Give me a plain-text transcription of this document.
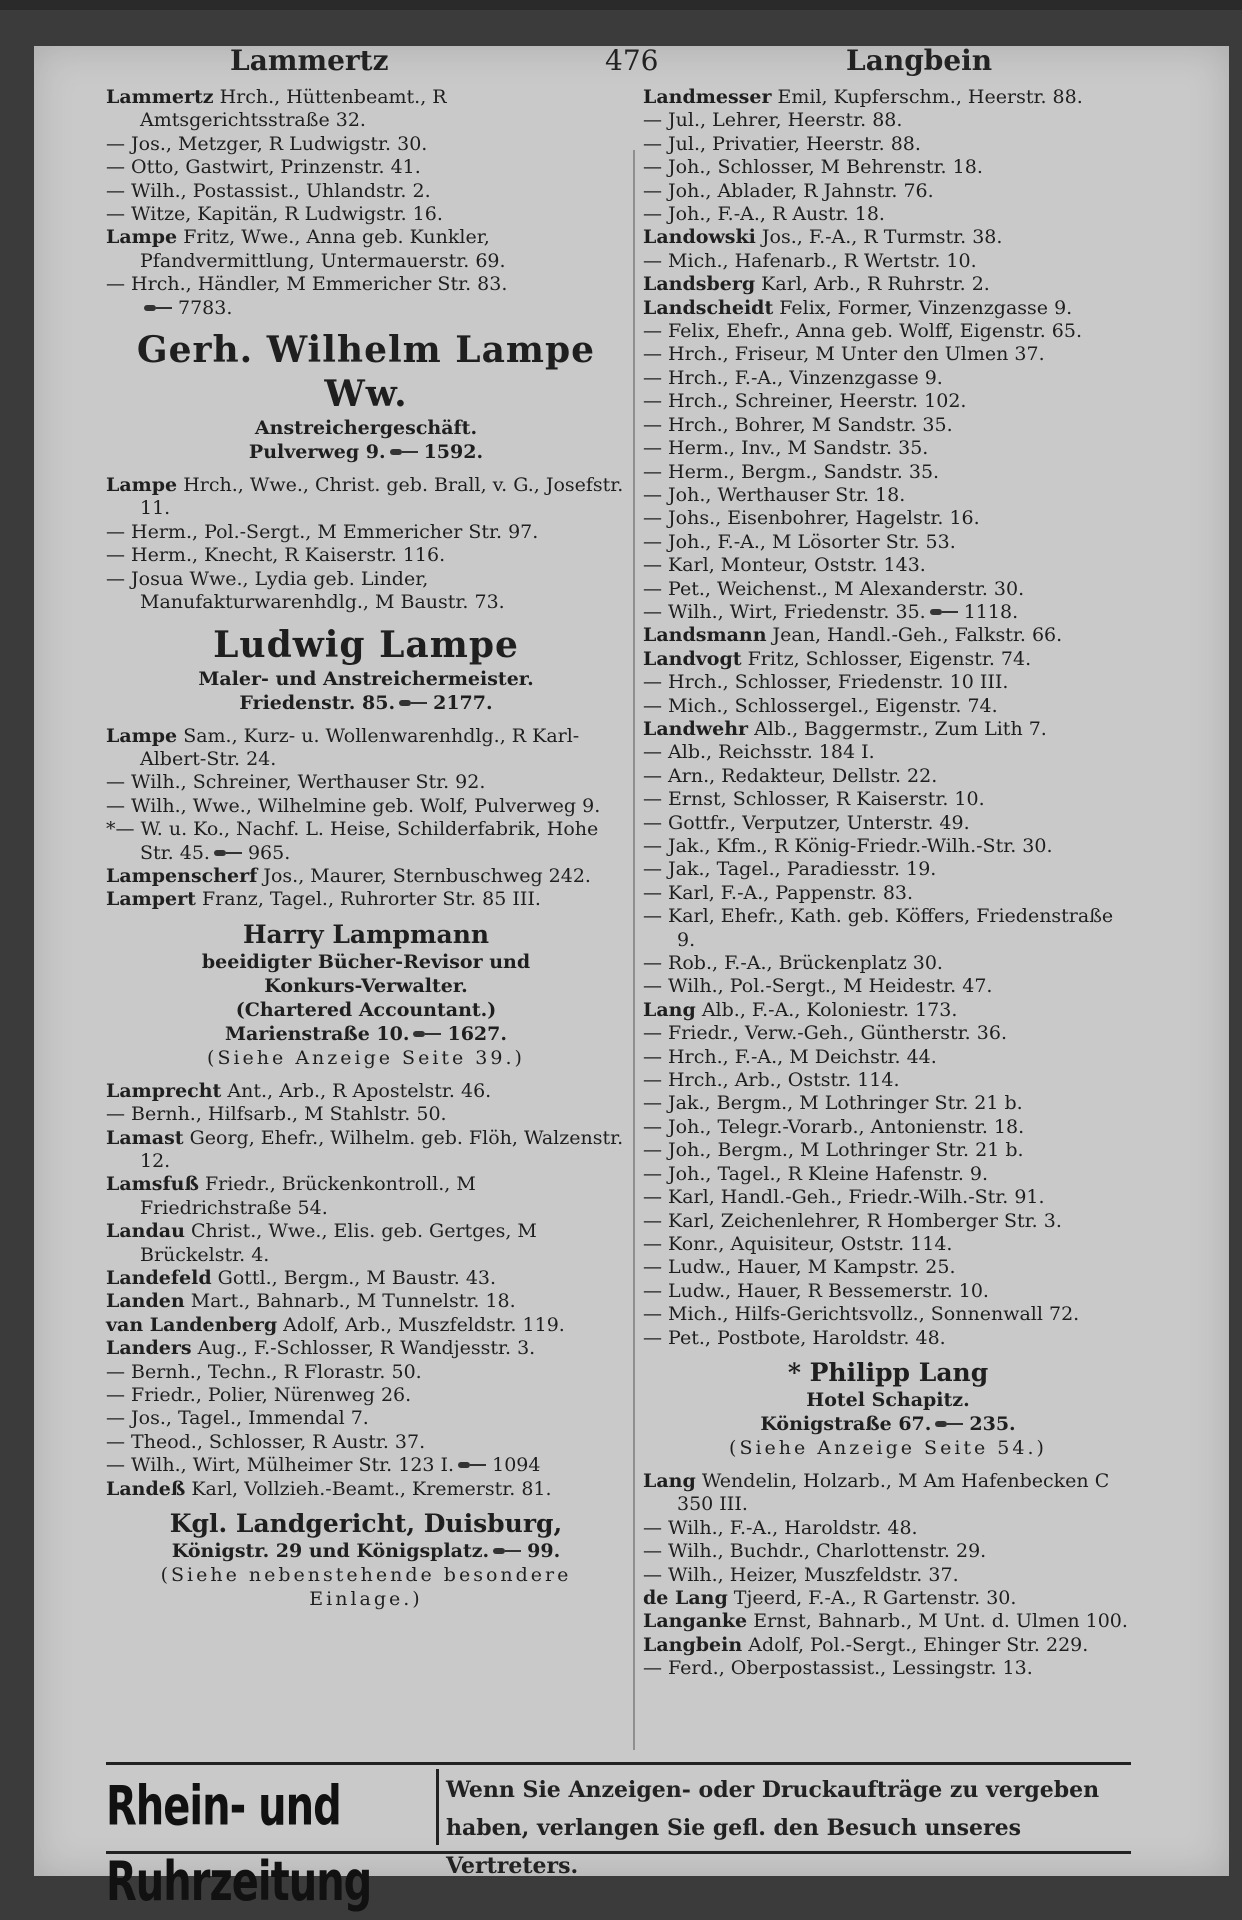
Lammertz	476	Langbein
Lammertz Hrch., Hüttenbeamt., R Amtsgerichtsstraße 32.
— Jos., Metzger, R Ludwigstr. 30.
— Otto, Gastwirt, Prinzenstr. 41.
— Wilh., Postassist., Uhlandstr. 2.
— Witze, Kapitän, R Ludwigstr. 16.
Lampe Fritz, Wwe., Anna geb. Kunkler, Pfandvermittlung, Untermauerstr. 69.
— Hrch., Händler, M Emmericher Str. 83.
7783.
Gerh. Wilhelm Lampe Ww.
Anstreichergeschäft.
Pulverweg 9. 1592.
Lampe Hrch., Wwe., Christ. geb. Brall, v. G., Josefstr. 11.
— Herm., Pol.-Sergt., M Emmericher Str. 97.
— Herm., Knecht, R Kaiserstr. 116.
— Josua Wwe., Lydia geb. Linder, Manufakturwarenhdlg., M Baustr. 73.
Ludwig Lampe
Maler- und Anstreichermeister.
Friedenstr. 85. 2177.
Lampe Sam., Kurz- u. Wollenwarenhdlg., R Karl-Albert-Str. 24.
— Wilh., Schreiner, Werthauser Str. 92.
— Wilh., Wwe., Wilhelmine geb. Wolf, Pulverweg 9.
*— W. u. Ko., Nachf. L. Heise, Schilderfabrik, Hohe Str. 45. 965.
Lampenscherf Jos., Maurer, Sternbuschweg 242.
Lampert Franz, Tagel., Ruhrorter Str. 85 III.
Harry Lampmann
beeidigter Bücher-Revisor und
Konkurs-Verwalter.
(Chartered Accountant.)
Marienstraße 10. 1627.
(Siehe Anzeige Seite 39.)
Lamprecht Ant., Arb., R Apostelstr. 46.
— Bernh., Hilfsarb., M Stahlstr. 50.
Lamast Georg, Ehefr., Wilhelm. geb. Flöh, Walzenstr. 12.
Lamsfuß Friedr., Brückenkontroll., M Friedrichstraße 54.
Landau Christ., Wwe., Elis. geb. Gertges, M Brückelstr. 4.
Landefeld Gottl., Bergm., M Baustr. 43.
Landen Mart., Bahnarb., M Tunnelstr. 18.
van Landenberg Adolf, Arb., Muszfeldstr. 119.
Landers Aug., F.-Schlosser, R Wandjesstr. 3.
— Bernh., Techn., R Florastr. 50.
— Friedr., Polier, Nürenweg 26.
— Jos., Tagel., Immendal 7.
— Theod., Schlosser, R Austr. 37.
— Wilh., Wirt, Mülheimer Str. 123 I. 1094
Landeß Karl, Vollzieh.-Beamt., Kremerstr. 81.
Kgl. Landgericht, Duisburg,
Königstr. 29 und Königsplatz. 99.
(Siehe nebenstehende besondere Einlage.)
Landmesser Emil, Kupferschm., Heerstr. 88.
— Jul., Lehrer, Heerstr. 88.
— Jul., Privatier, Heerstr. 88.
— Joh., Schlosser, M Behrenstr. 18.
— Joh., Ablader, R Jahnstr. 76.
— Joh., F.-A., R Austr. 18.
Landowski Jos., F.-A., R Turmstr. 38.
— Mich., Hafenarb., R Wertstr. 10.
Landsberg Karl, Arb., R Ruhrstr. 2.
Landscheidt Felix, Former, Vinzenzgasse 9.
— Felix, Ehefr., Anna geb. Wolff, Eigenstr. 65.
— Hrch., Friseur, M Unter den Ulmen 37.
— Hrch., F.-A., Vinzenzgasse 9.
— Hrch., Schreiner, Heerstr. 102.
— Hrch., Bohrer, M Sandstr. 35.
— Herm., Inv., M Sandstr. 35.
— Herm., Bergm., Sandstr. 35.
— Joh., Werthauser Str. 18.
— Johs., Eisenbohrer, Hagelstr. 16.
— Joh., F.-A., M Lösorter Str. 53.
— Karl, Monteur, Oststr. 143.
— Pet., Weichenst., M Alexanderstr. 30.
— Wilh., Wirt, Friedenstr. 35. 1118.
Landsmann Jean, Handl.-Geh., Falkstr. 66.
Landvogt Fritz, Schlosser, Eigenstr. 74.
— Hrch., Schlosser, Friedenstr. 10 III.
— Mich., Schlossergel., Eigenstr. 74.
Landwehr Alb., Baggermstr., Zum Lith 7.
— Alb., Reichsstr. 184 I.
— Arn., Redakteur, Dellstr. 22.
— Ernst, Schlosser, R Kaiserstr. 10.
— Gottfr., Verputzer, Unterstr. 49.
— Jak., Kfm., R König-Friedr.-Wilh.-Str. 30.
— Jak., Tagel., Paradiesstr. 19.
— Karl, F.-A., Pappenstr. 83.
— Karl, Ehefr., Kath. geb. Köffers, Friedenstraße 9.
— Rob., F.-A., Brückenplatz 30.
— Wilh., Pol.-Sergt., M Heidestr. 47.
Lang Alb., F.-A., Koloniestr. 173.
— Friedr., Verw.-Geh., Güntherstr. 36.
— Hrch., F.-A., M Deichstr. 44.
— Hrch., Arb., Oststr. 114.
— Jak., Bergm., M Lothringer Str. 21 b.
— Joh., Telegr.-Vorarb., Antonienstr. 18.
— Joh., Bergm., M Lothringer Str. 21 b.
— Joh., Tagel., R Kleine Hafenstr. 9.
— Karl, Handl.-Geh., Friedr.-Wilh.-Str. 91.
— Karl, Zeichenlehrer, R Homberger Str. 3.
— Konr., Aquisiteur, Oststr. 114.
— Ludw., Hauer, M Kampstr. 25.
— Ludw., Hauer, R Bessemerstr. 10.
— Mich., Hilfs-Gerichtsvollz., Sonnenwall 72.
— Pet., Postbote, Haroldstr. 48.
* Philipp Lang
Hotel Schapitz.
Königstraße 67. 235.
(Siehe Anzeige Seite 54.)
Lang Wendelin, Holzarb., M Am Hafenbecken C 350 III.
— Wilh., F.-A., Haroldstr. 48.
— Wilh., Buchdr., Charlottenstr. 29.
— Wilh., Heizer, Muszfeldstr. 37.
de Lang Tjeerd, F.-A., R Gartenstr. 30.
Langanke Ernst, Bahnarb., M Unt. d. Ulmen 100.
Langbein Adolf, Pol.-Sergt., Ehinger Str. 229.
— Ferd., Oberpostassist., Lessingstr. 13.
Rhein- und Ruhrzeitung
Wenn Sie Anzeigen- oder Druckaufträge zu vergeben
haben, verlangen Sie gefl. den Besuch unseres Vertreters.
